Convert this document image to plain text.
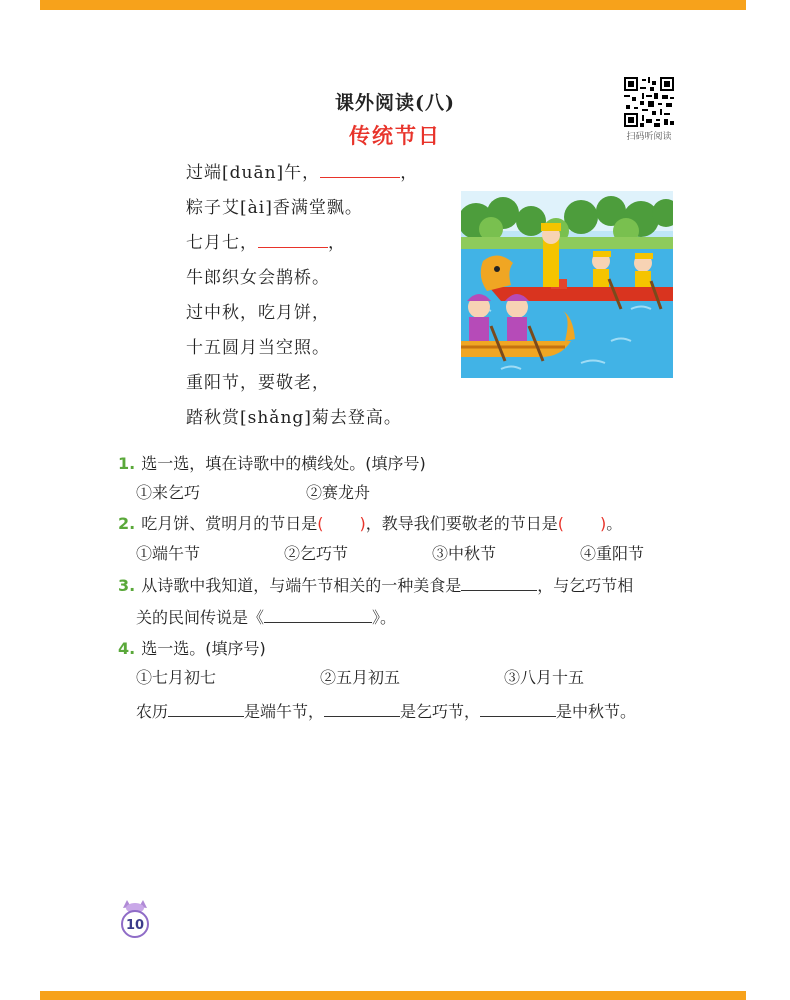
课外阅读(八)
传统节日	扫码听阅读
过端[duān]午，	，
粽子艾[ài]香满堂飘。
七月七，	，
牛郎织女会鹊桥。
过中秋，吃月饼，
十五圆月当空照。
重阳节，要敬老，
踏秋赏[shǎng]菊去登高。
1. 选一选，填在诗歌中的横线处。(填序号)
①来乞巧	②赛龙舟
2. 吃月饼、赏明月的节日是( )，教导我们要敬老的节日是( )。
①端午节	②乞巧节	③中秋节	④重阳节
3. 从诗歌中我知道，与端午节相关的一种美食是	，与乞巧节相
关的民间传说是《	》。
4. 选一选。(填序号)
①七月初七	②五月初五	③八月十五
农历	是端午节，	是乞巧节，	是中秋节。
10
